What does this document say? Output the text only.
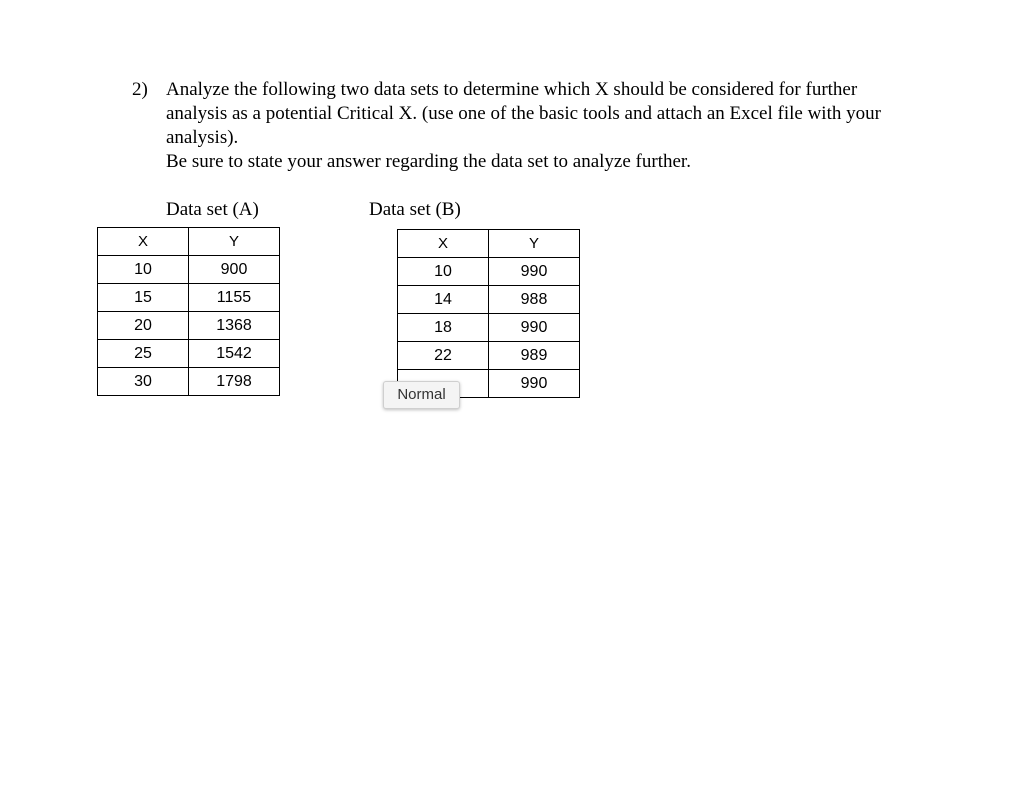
2) Analyze the following two data sets to determine which X should be considered for further
analysis as a potential Critical X. (use one of the basic tools and attach an Excel file with your
analysis).
Be sure to state your answer regarding the data set to analyze further.
Data set (A)	Data set (B)
X	Y
10	900
15	1155
20	1368
25	1542
30	1798
X	Y
10	990
14	988
18	990
22	989
	990
Normal
